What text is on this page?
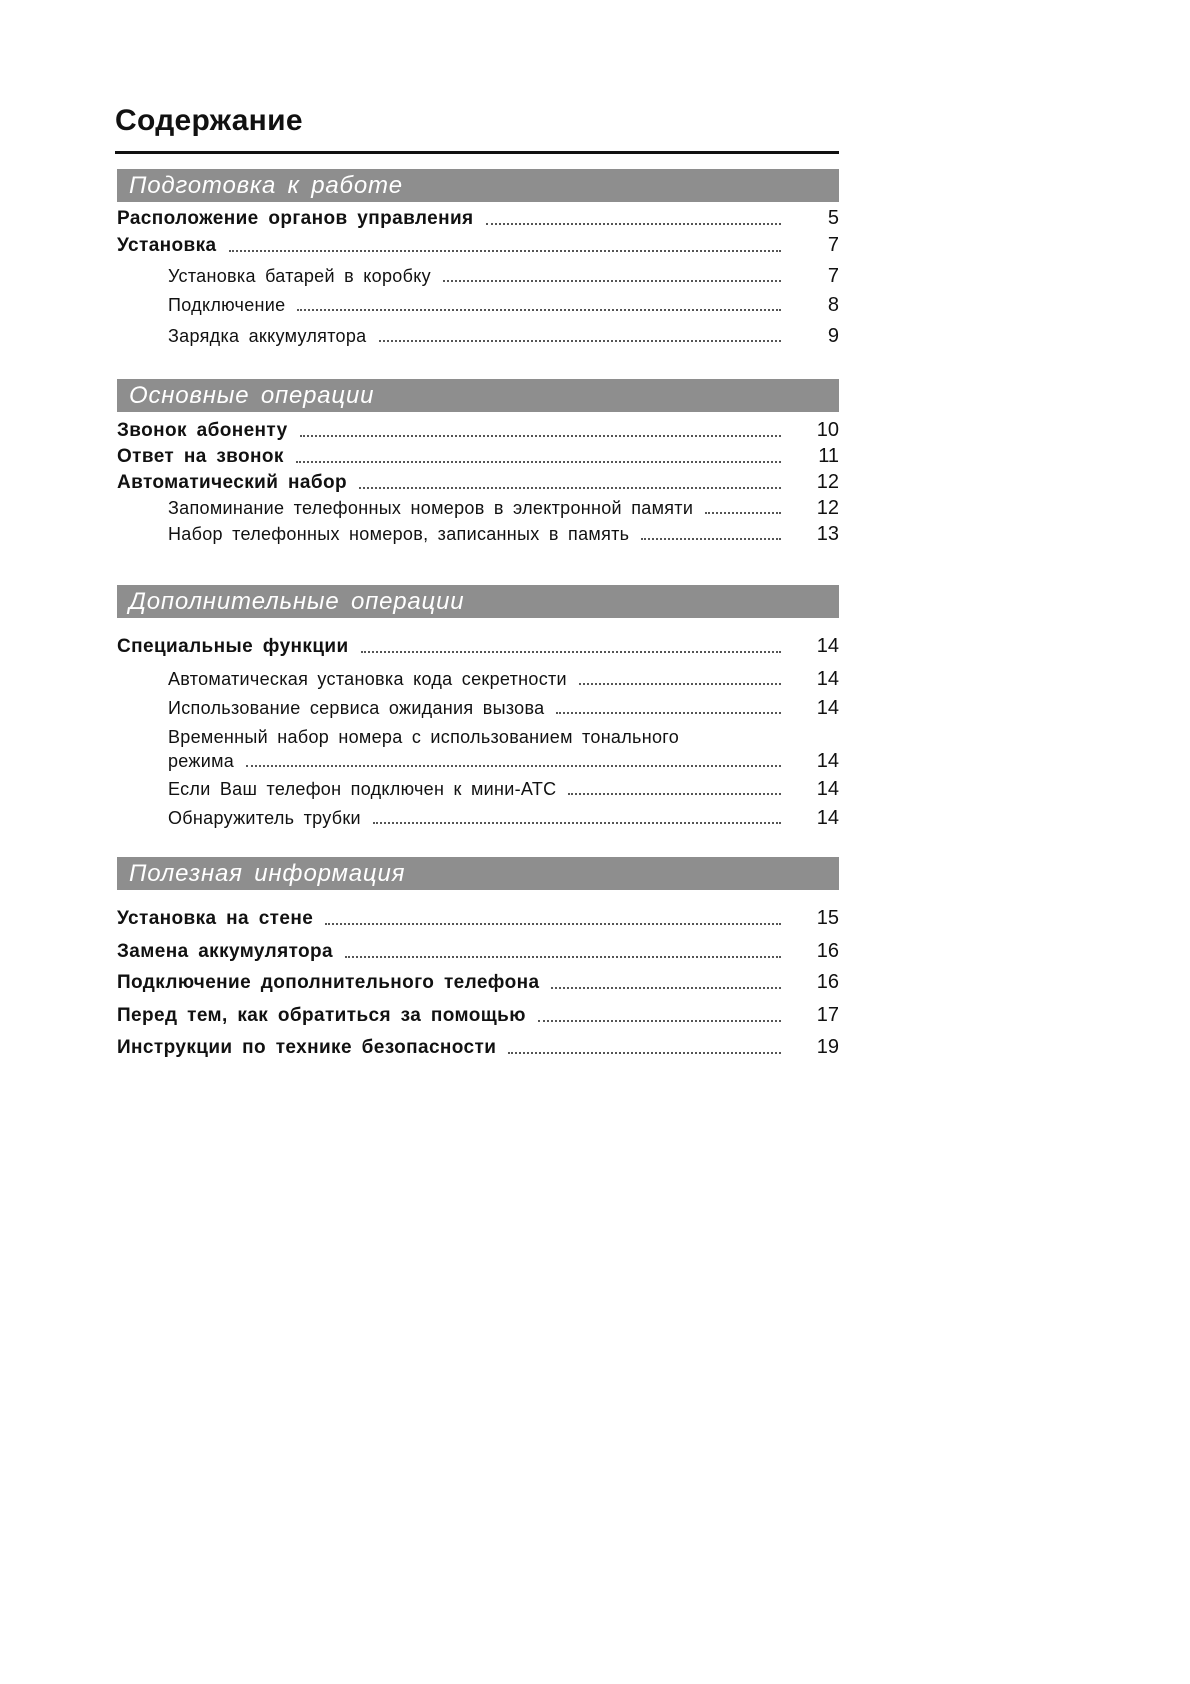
Содержание
Подготовка к работе
Расположение органов управления	5
Установка	7
Установка батарей в коробку	7
Подключение	8
Зарядка аккумулятора	9
Основные операции
Звонок абоненту	10
Ответ на звонок	11
Автоматический набор	12
Запоминание телефонных номеров в электронной памяти	12
Набор телефонных номеров, записанных в память	13
Дополнительные операции
Специальные функции	14
Автоматическая установка кода секретности	14
Использование сервиса ожидания вызова	14
Временный набор номера с использованием тонального
режима	14
Если Ваш телефон подключен к мини-АТС	14
Обнаружитель трубки	14
Полезная информация
Установка на стене	15
Замена аккумулятора	16
Подключение дополнительного телефона	16
Перед тем, как обратиться за помощью	17
Инструкции по технике безопасности	19
